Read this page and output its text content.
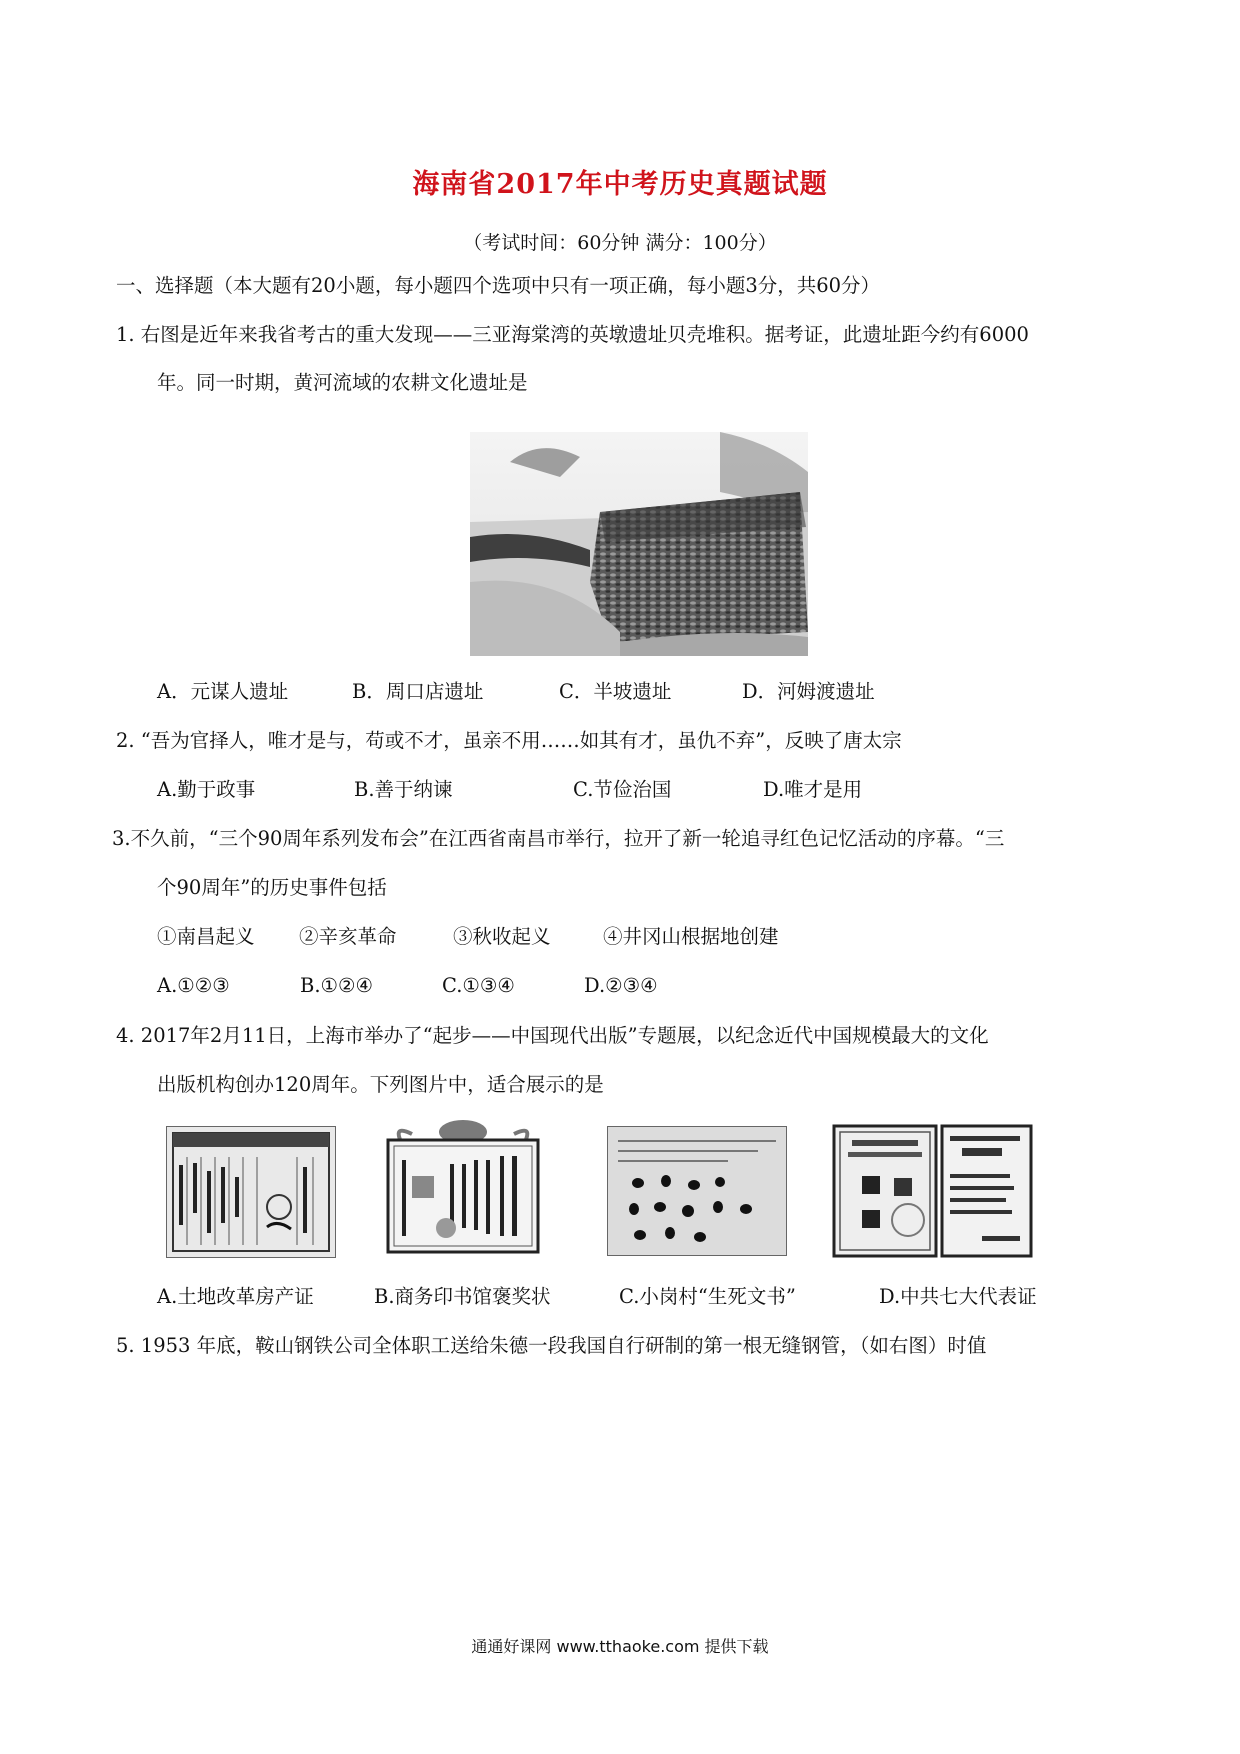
海南省2017年中考历史真题试题
（考试时间：60分钟 满分：100分）
一、选择题（本大题有20小题，每小题四个选项中只有一项正确，每小题3分，共60分）
1. 右图是近年来我省考古的重大发现——三亚海棠湾的英墩遗址贝壳堆积。据考证，此遗址距今约有6000
年。同一时期，黄河流域的农耕文化遗址是
A．元谋人遗址	B．周口店遗址	C．半坡遗址	D．河姆渡遗址
2. “吾为官择人，唯才是与，苟或不才，虽亲不用……如其有才，虽仇不弃”，反映了唐太宗
A.勤于政事	B.善于纳谏	C.节俭治国	D.唯才是用
3.不久前，“三个90周年系列发布会”在江西省南昌市举行，拉开了新一轮追寻红色记忆活动的序幕。“三
个90周年”的历史事件包括
①南昌起义 ②辛亥革命	③秋收起义	④井冈山根据地创建
A.①②③	B.①②④	C.①③④	D.②③④
4. 2017年2月11日，上海市举办了“起步——中国现代出版”专题展，以纪念近代中国规模最大的文化
出版机构创办120周年。下列图片中，适合展示的是
A.土地改革房产证	B.商务印书馆褒奖状	C.小岗村“生死文书”	D.中共七大代表证
5. 1953 年底，鞍山钢铁公司全体职工送给朱德一段我国自行研制的第一根无缝钢管，（如右图）时值
通通好课网 www.tthaoke.com 提供下载
